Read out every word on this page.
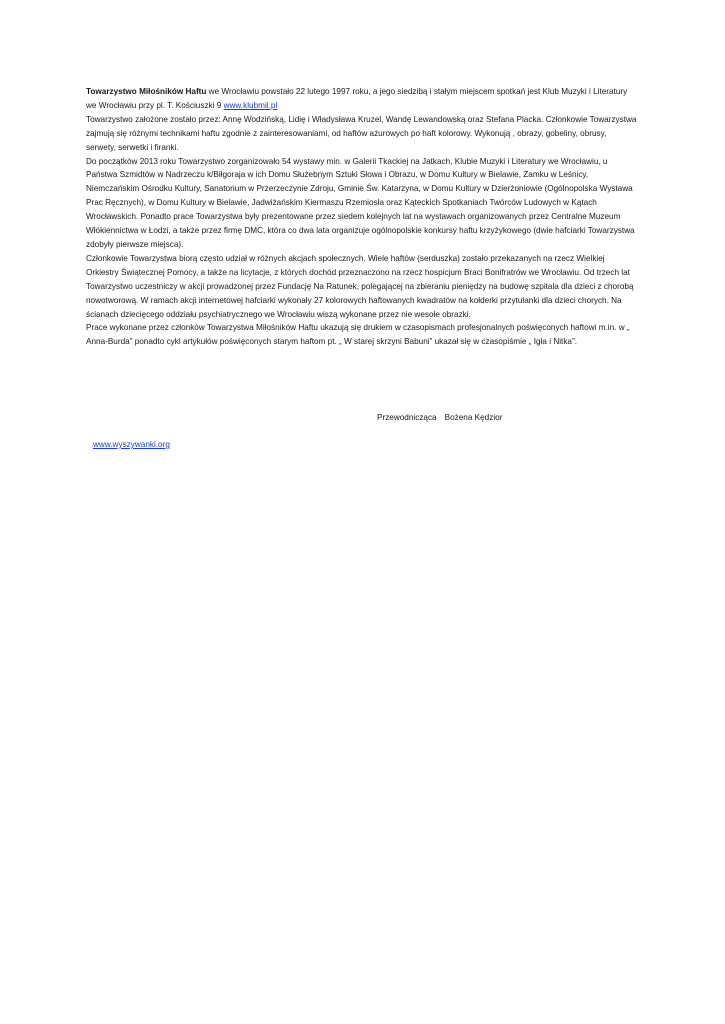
Towarzystwo Miłośników Haftu we Wrocławiu powstało 22 lutego 1997 roku, a jego siedzibą i stałym miejscem spotkań jest Klub Muzyki i Literatury we Wrocławiu przy pl. T. Kościuszki 9 www.klubmil.pl

Towarzystwo założone zostało przez: Annę Wodzińską, Lidię i Władysława Kruzel, Wandę Lewandowską oraz Stefana Placka. Członkowie Towarzystwa zajmują się różnymi technikami haftu zgodnie z zainteresowaniami, od haftów ażurowych po haft kolorowy. Wykonują , obrazy, gobeliny, obrusy, serwety, serwetki i firanki.

Do początków 2013 roku Towarzystwo zorganizowało 54 wystawy min. w Galerii Tkackiej na Jatkach, Klubie Muzyki i Literatury we Wrocławiu, u Państwa Szmidtów w Nadrzeczu k/Biłgoraja w ich Domu Służebnym Sztuki Słowa i Obrazu, w Domu Kultury w Bielawie, Zamku w Leśnicy, Niemczańskim Ośrodku Kultury, Sanatorium w Przerzeczynie Zdroju, Gminie Św. Katarzyna, w Domu Kultury w Dzierżoniowie (Ogólnopolska Wystawa Prac Ręcznych), w Domu Kultury w Bielawie, Jadwiżańskim Kiermaszu Rzemiosła oraz Kąteckich Spotkaniach Twórców Ludowych w Kątach Wrocławskich. Ponadto prace Towarzystwa były prezentowane przez siedem kolejnych lat na wystawach organizowanych przez Centralne Muzeum Włókiennictwa w Łodzi, a także przez firmę DMC, która co dwa lata organizuje ogólnopolskie konkursy haftu krzyżykowego (dwie hafciarki Towarzystwa zdobyły pierwsze miejsca).

Członkowie Towarzystwa biorą często udział w różnych akcjach społecznych. Wiele haftów (serduszka) zostało przekazanych na rzecz Wielkiej Orkiestry Świątecznej Pomocy, a także na licytacje, z których dochód przeznaczono na rzecz hospicjum Braci Bonifratrów we Wrocławiu. Od trzech lat Towarzystwo uczestniczy w akcji prowadzonej przez Fundację Na Ratunek, polegającej na zbieraniu pieniędzy na budowę szpitala dla dzieci z chorobą nowotworową. W ramach akcji internetowej hafciarki wykonały 27 kolorowych haftowanych kwadratów na kołderki przytulanki dla dzieci chorych. Na ścianach dziecięcego oddziału psychiatrycznego we Wrocławiu wiszą wykonane przez nie wesołe obrazki.

Prace wykonane przez członków Towarzystwa Miłośników Haftu ukazują się drukiem w czasopismach profesjonalnych poświęconych haftowi m.in. w „ Anna-Burda” ponadto cykl artykułów poświęconych starym haftom pt. „ W starej skrzyni Babuni” ukazał się w czasopiśmie „ Igła i Nitka”.

Przewodnicząca Bożena Kędzior
www.wyszywanki.org
